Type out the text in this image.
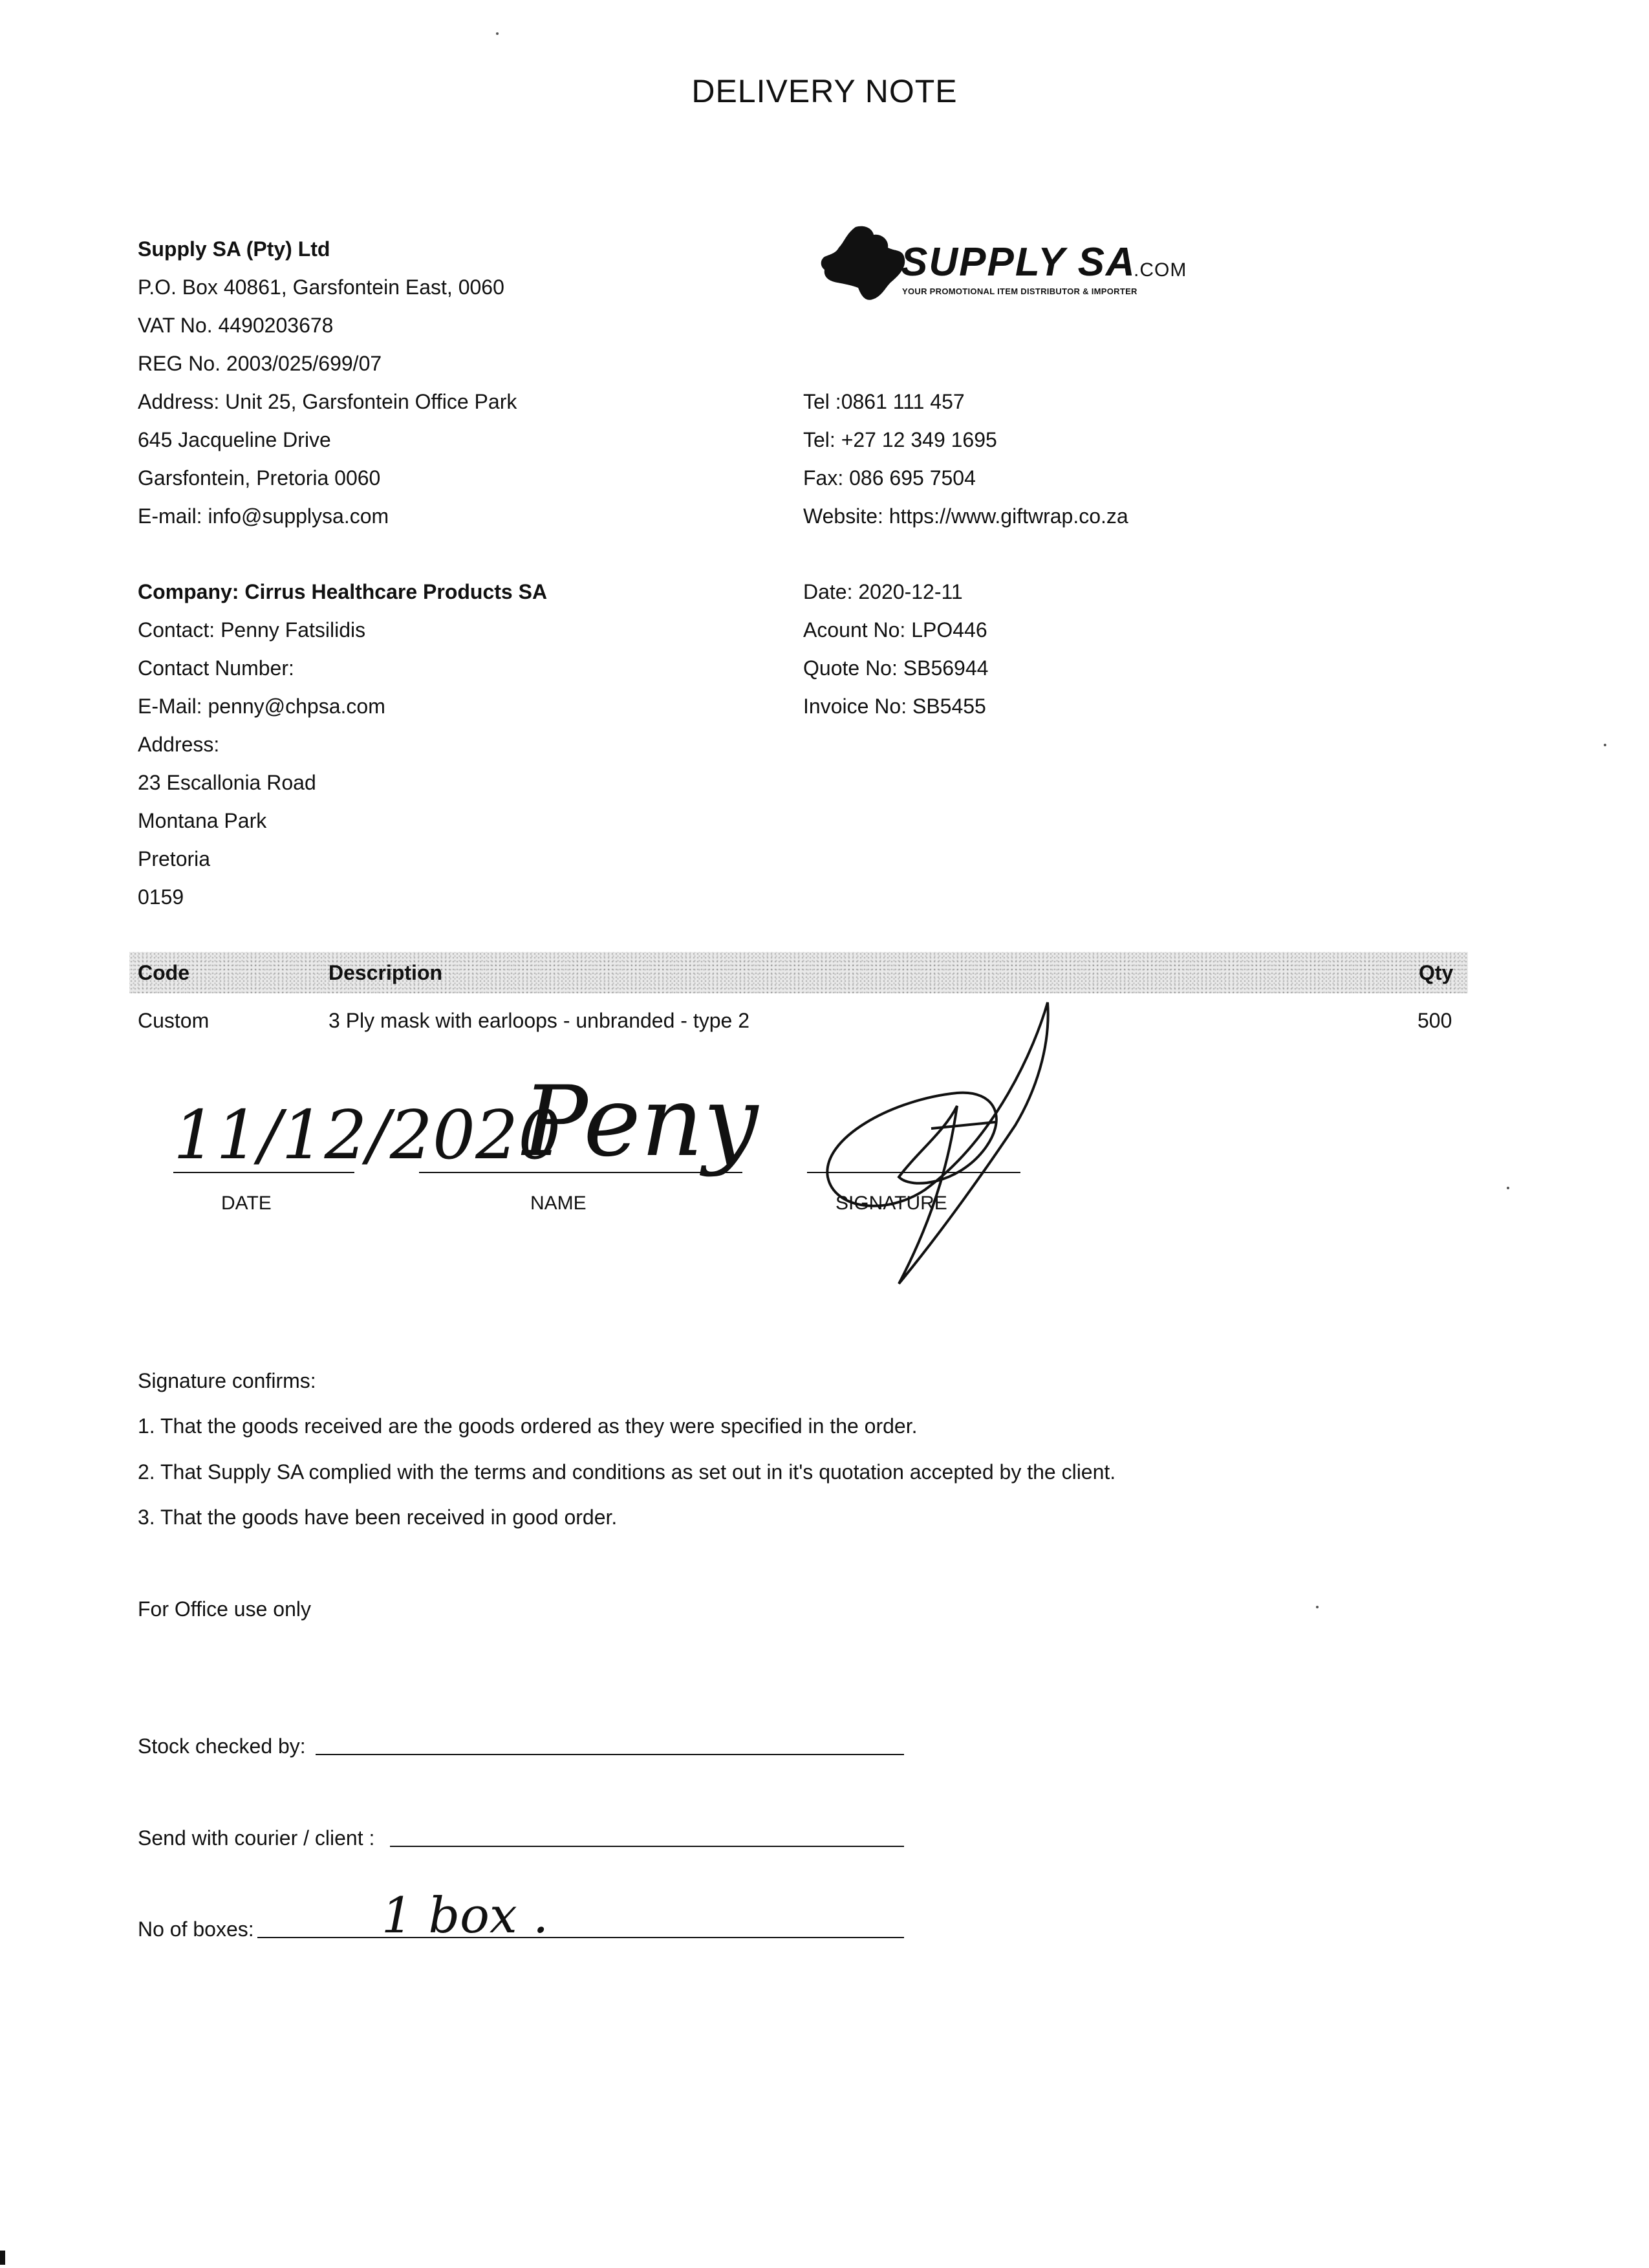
DELIVERY NOTE
Supply SA (Pty) Ltd
P.O. Box 40861, Garsfontein East, 0060
VAT No. 4490203678
REG No. 2003/025/699/07
Address: Unit 25, Garsfontein Office Park
645 Jacqueline Drive
Garsfontein, Pretoria 0060
E-mail: info@supplysa.com
SUPPLY SA
.COM
YOUR PROMOTIONAL ITEM DISTRIBUTOR & IMPORTER
Tel :0861 111 457
Tel: +27 12 349 1695
Fax: 086 695 7504
Website: https://www.giftwrap.co.za
Company: Cirrus Healthcare Products SA
Contact: Penny Fatsilidis
Contact Number:
E-Mail: penny@chpsa.com
Address:
23 Escallonia Road
Montana Park
Pretoria
0159
Date: 2020-12-11
Acount No: LPO446
Quote No: SB56944
Invoice No: SB5455
Code	Description	Qty
Custom	3 Ply mask with earloops - unbranded - type 2	500
11/12/2020
DATE
Peny
NAME	SIGNATURE
Signature confirms:
1. That the goods received are the goods ordered as they were specified in the order.
2. That Supply SA complied with the terms and conditions as set out in it's quotation accepted by the client.
3. That the goods have been received in good order.
For Office use only
Stock checked by:
Send with courier / client :
No of boxes:	1 box .
